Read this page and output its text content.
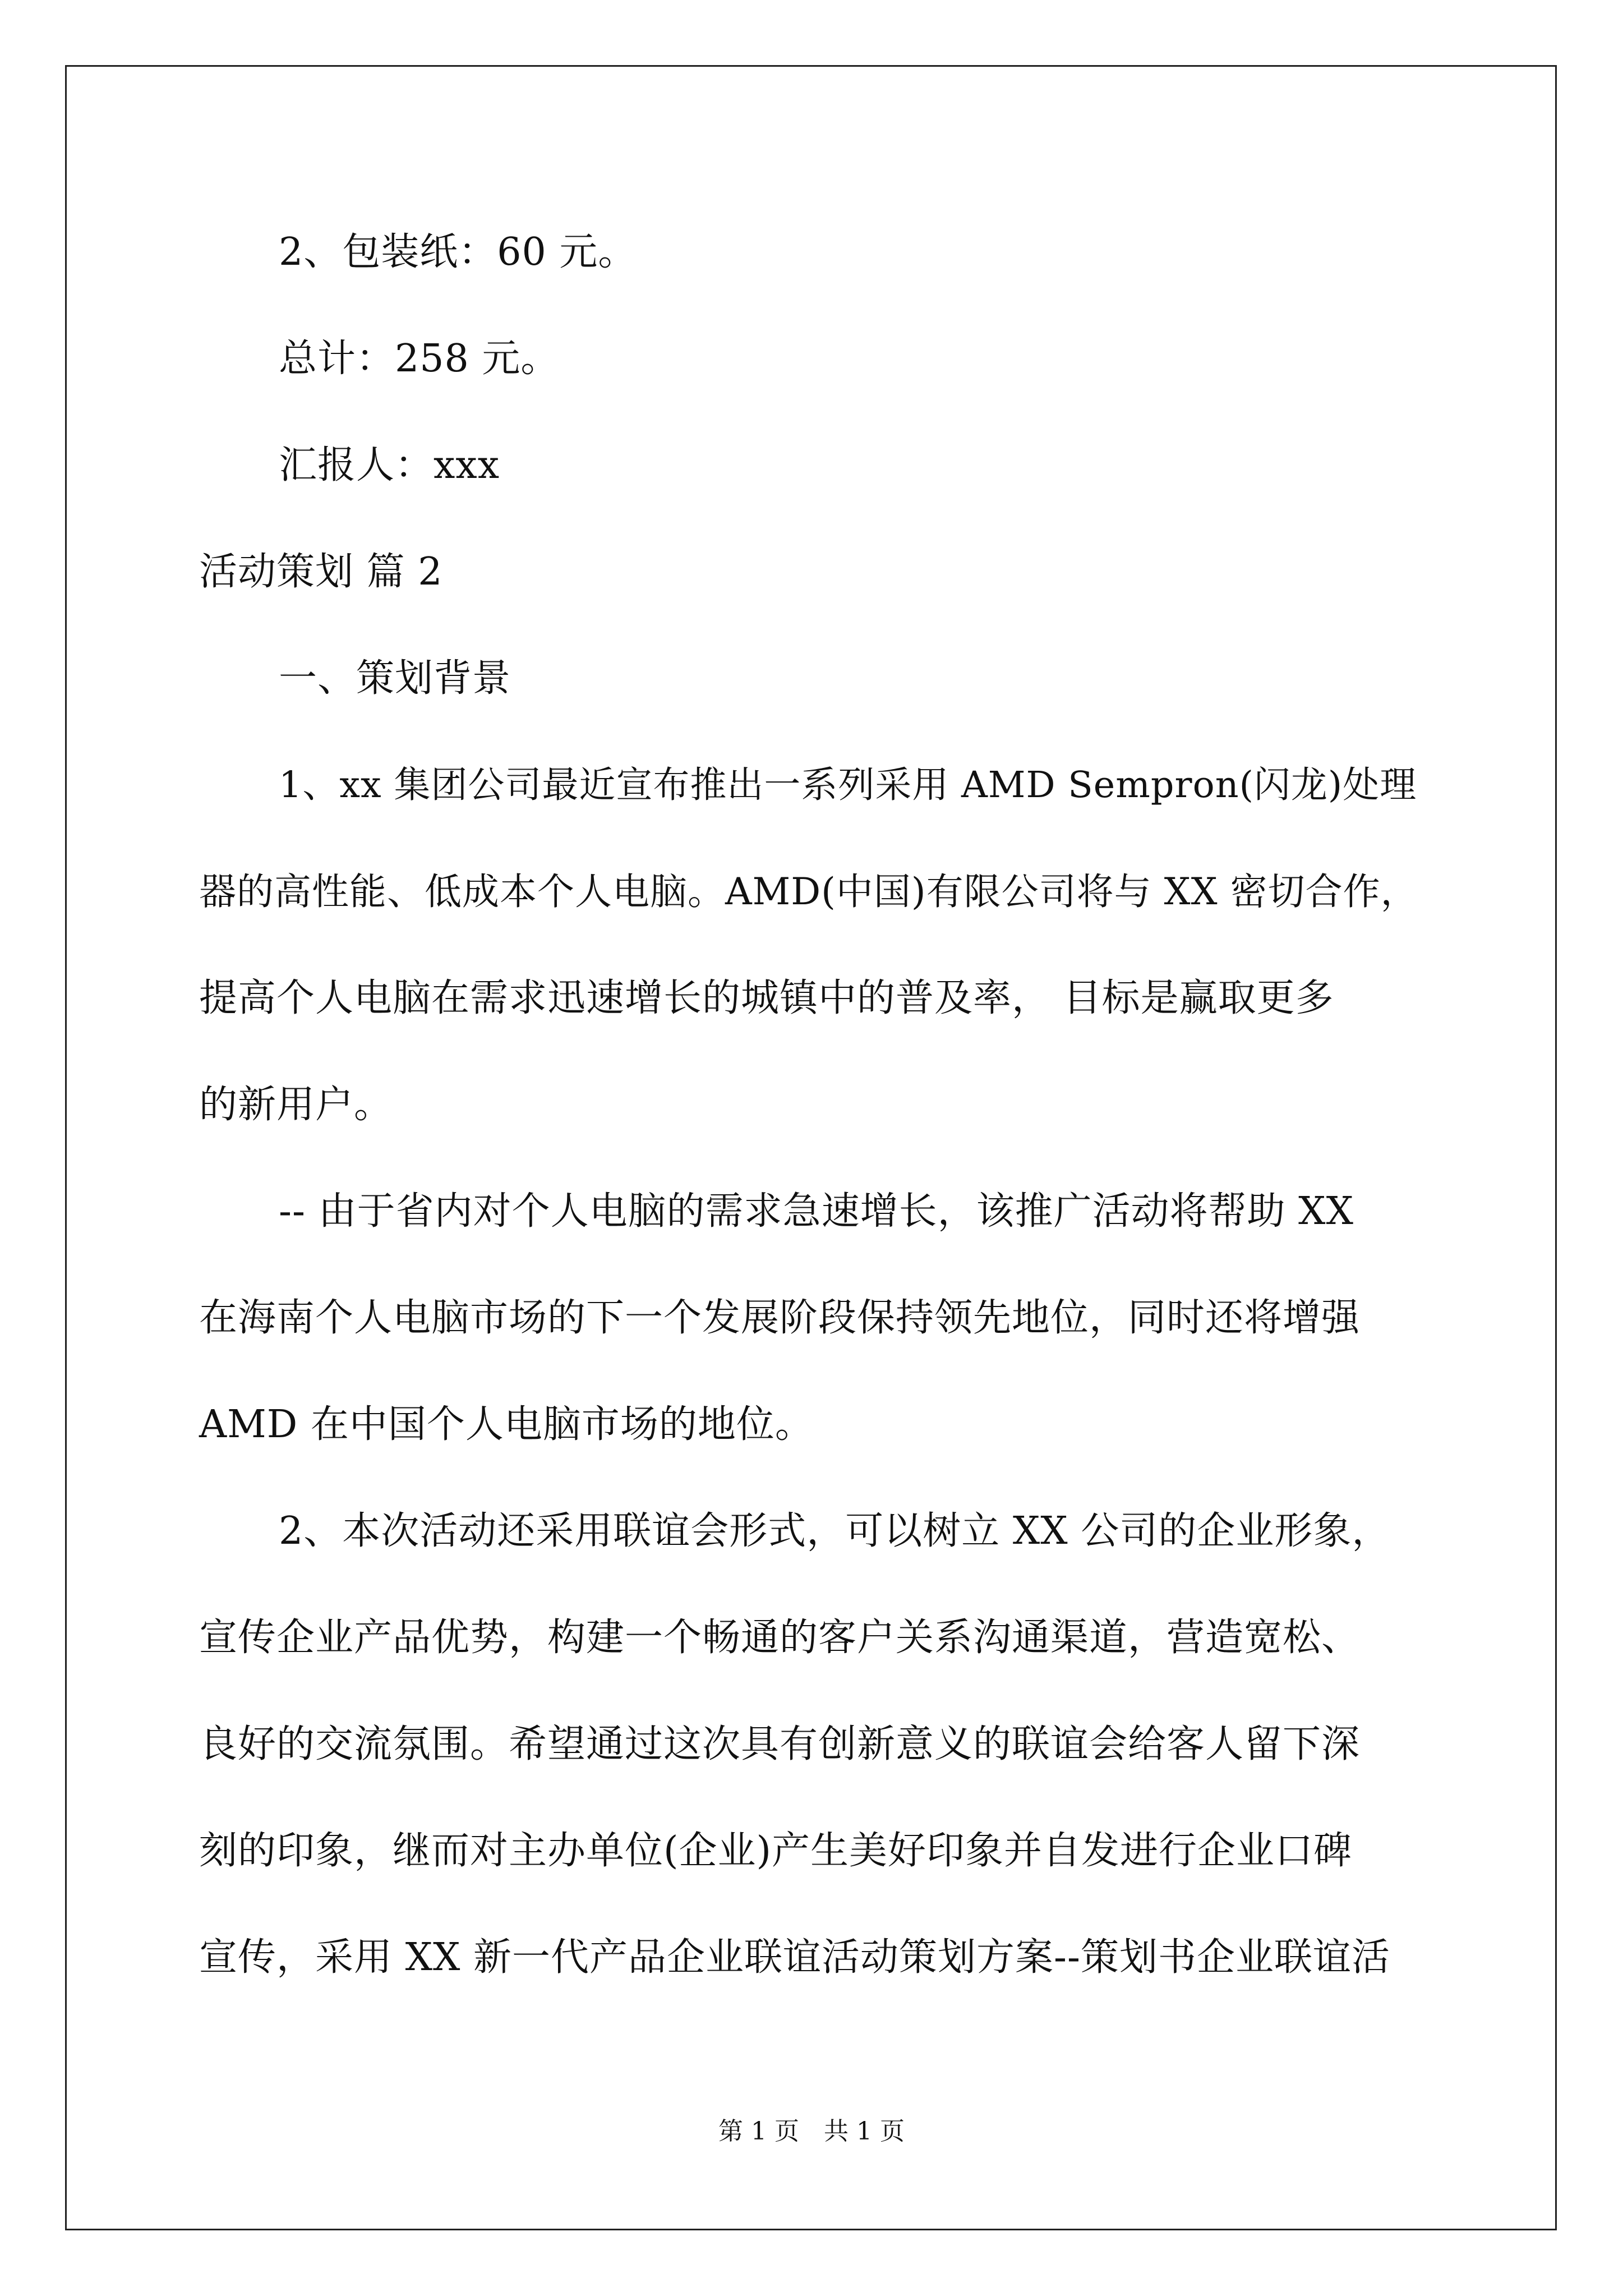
2、包装纸：60 元。
总计：258 元。
汇报人：xxx
活动策划 篇 2
一、策划背景
1、xx 集团公司最近宣布推出一系列采用 AMD Sempron(闪龙)处理
器的高性能、低成本个人电脑。AMD(中国)有限公司将与 XX 密切合作，
提高个人电脑在需求迅速增长的城镇中的普及率， 目标是赢取更多
的新用户。
-- 由于省内对个人电脑的需求急速增长，该推广活动将帮助 XX
在海南个人电脑市场的下一个发展阶段保持领先地位，同时还将增强
AMD 在中国个人电脑市场的地位。
2、本次活动还采用联谊会形式，可以树立 XX 公司的企业形象，
宣传企业产品优势，构建一个畅通的客户关系沟通渠道，营造宽松、
良好的交流氛围。希望通过这次具有创新意义的联谊会给客人留下深
刻的印象，继而对主办单位(企业)产生美好印象并自发进行企业口碑
宣传，采用 XX 新一代产品企业联谊活动策划方案--策划书企业联谊活
第 1 页　共 1 页
